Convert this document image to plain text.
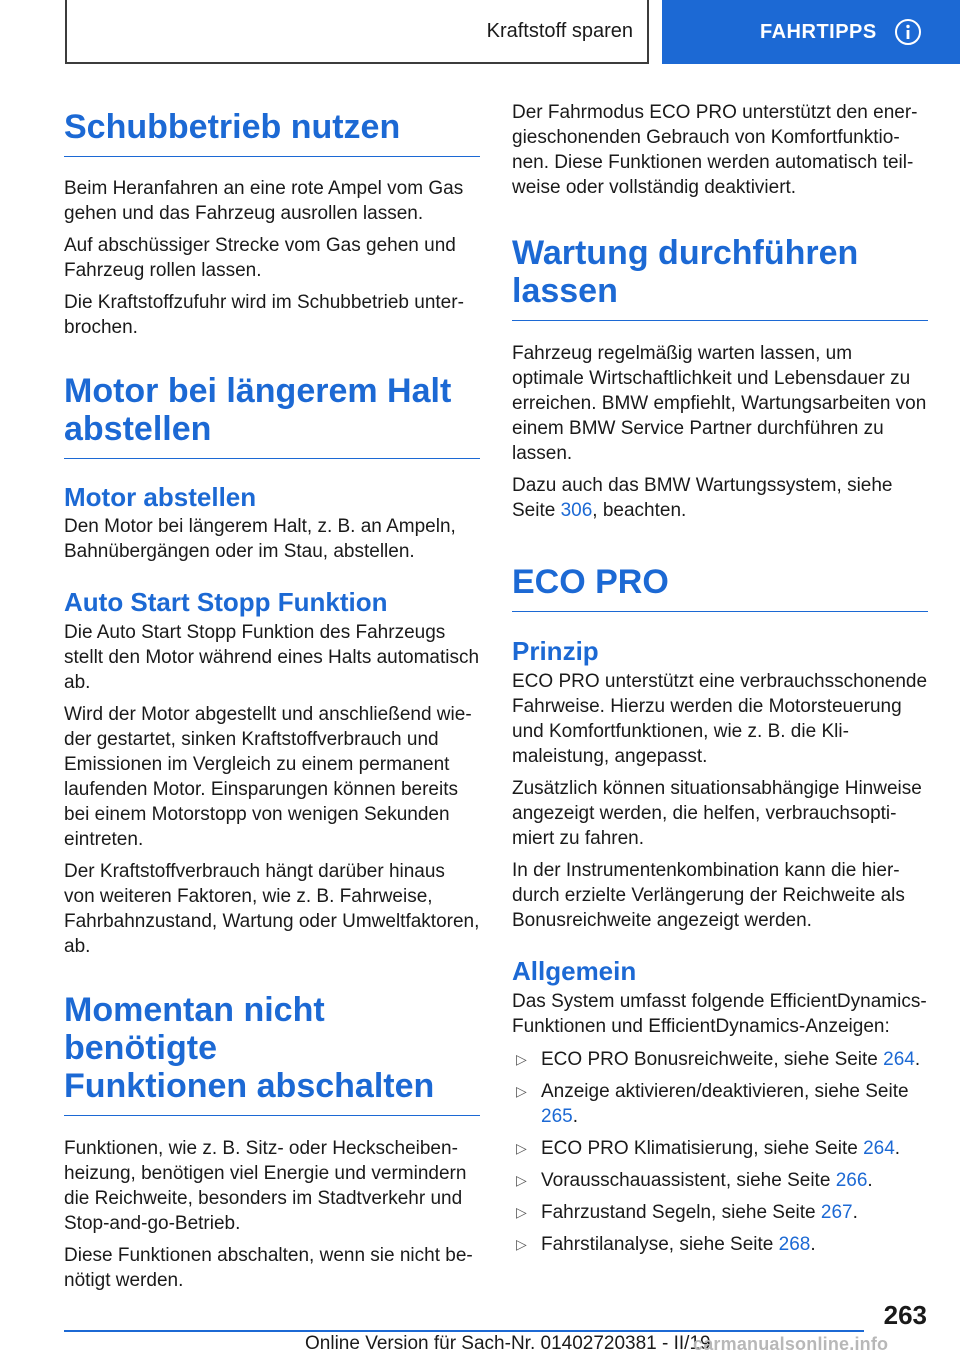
Kraftstoff sparen	FAHRTIPPS
Schubbetrieb nutzen

Beim Heranfahren an eine rote Ampel vom Gas gehen und das Fahrzeug ausrollen lassen.

Auf abschüssiger Strecke vom Gas gehen und Fahrzeug rollen lassen.

Die Kraftstoffzufuhr wird im Schubbetrieb unterbrochen.

Motor bei längerem Halt
abstellen
Motor abstellen

Den Motor bei längerem Halt, z. B. an Ampeln, Bahnübergängen oder im Stau, abstellen.

Auto Start Stopp Funktion

Die Auto Start Stopp Funktion des Fahrzeugs stellt den Motor während eines Halts automatisch ab.

Wird der Motor abgestellt und anschließend wieder gestartet, sinken Kraftstoffverbrauch und Emissionen im Vergleich zu einem permanent laufenden Motor. Einsparungen können bereits bei einem Motorstopp von wenigen Sekunden eintreten.

Der Kraftstoffverbrauch hängt darüber hinaus von weiteren Faktoren, wie z. B. Fahrweise, Fahrbahnzustand, Wartung oder Umweltfaktoren, ab.

Momentan nicht benötigte
Funktionen abschalten

Funktionen, wie z. B. Sitz- oder Heckscheibenheizung, benötigen viel Energie und vermindern die Reichweite, besonders im Stadtverkehr und Stop-and-go-Betrieb.

Diese Funktionen abschalten, wenn sie nicht benötigt werden.

Der Fahrmodus ECO PRO unterstützt den energieschonenden Gebrauch von Komfortfunktionen. Diese Funktionen werden automatisch teilweise oder vollständig deaktiviert.

Wartung durchführen
lassen

Fahrzeug regelmäßig warten lassen, um optimale Wirtschaftlichkeit und Lebensdauer zu erreichen. BMW empfiehlt, Wartungsarbeiten von einem BMW Service Partner durchführen zu lassen.

Dazu auch das BMW Wartungssystem, siehe Seite 306, beachten.

ECO PRO
Prinzip

ECO PRO unterstützt eine verbrauchsschonende Fahrweise. Hierzu werden die Motorsteuerung und Komfortfunktionen, wie z. B. die Klimaleistung, angepasst.

Zusätzlich können situationsabhängige Hinweise angezeigt werden, die helfen, verbrauchsoptimiert zu fahren.

In der Instrumentenkombination kann die hierdurch erzielte Verlängerung der Reichweite als Bonusreichweite angezeigt werden.

Allgemein

Das System umfasst folgende EfficientDynamics-Funktionen und EfficientDynamics-Anzeigen:

▷ ECO PRO Bonusreichweite, siehe Seite 264.
▷ Anzeige aktivieren/deaktivieren, siehe Seite 265.
▷ ECO PRO Klimatisierung, siehe Seite 264.
▷ Vorausschauassistent, siehe Seite 266.
▷ Fahrzustand Segeln, siehe Seite 267.
▷ Fahrstilanalyse, siehe Seite 268.
263
Online Version für Sach-Nr. 01402720381 - II/19
carmanualsonline.info
